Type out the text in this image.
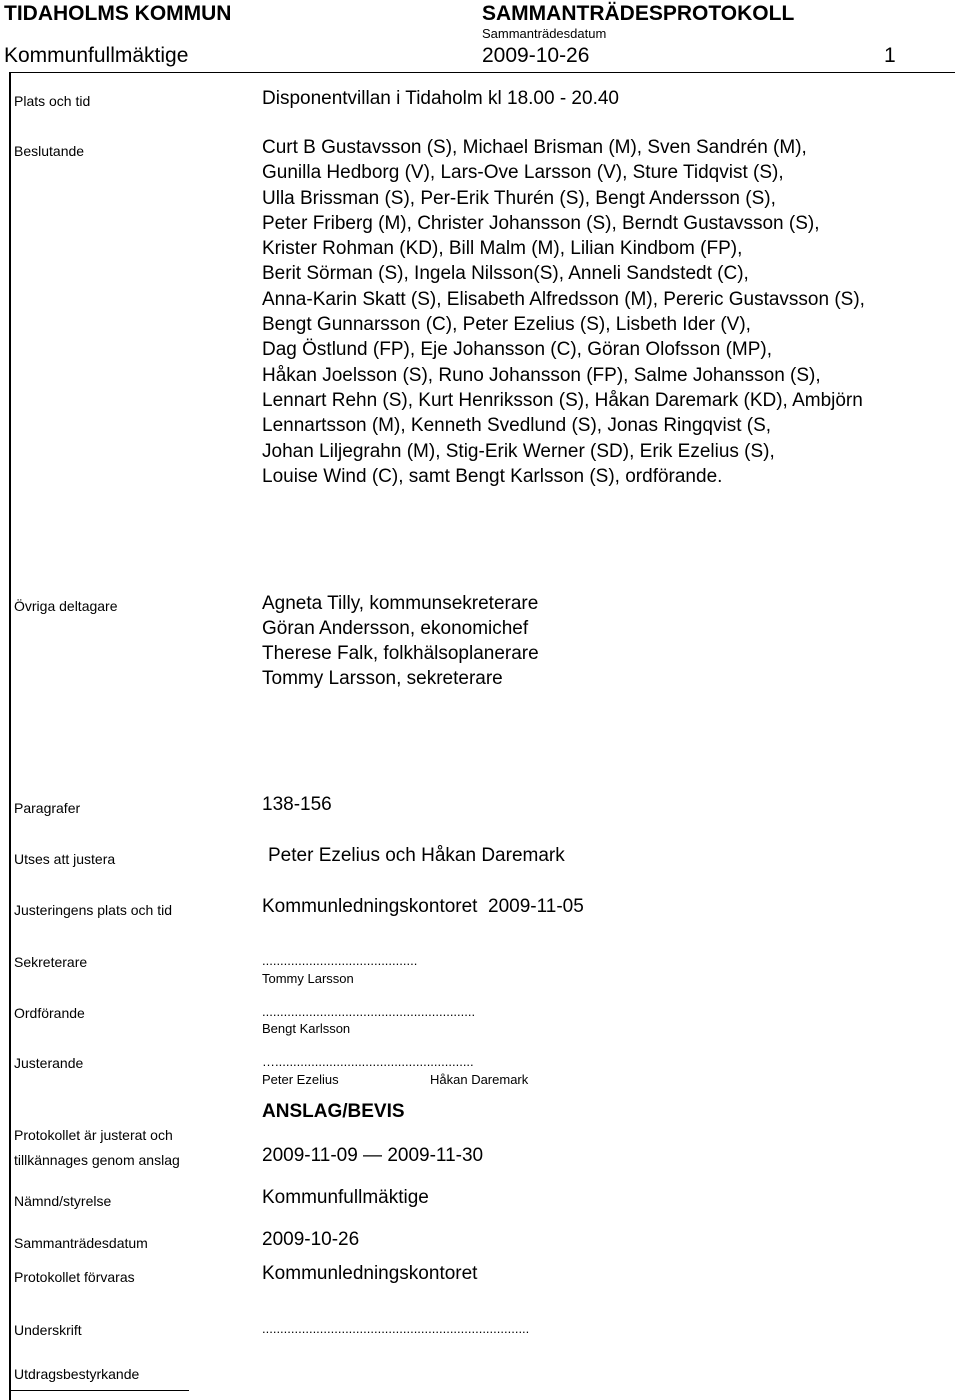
TIDAHOLMS KOMMUN	SAMMANTRÄDESPROTOKOLL
Sammanträdesdatum
Kommunfullmäktige	2009-10-26	1
Plats och tid	Disponentvillan i Tidaholm kl 18.00 - 20.40
Beslutande	Curt B Gustavsson (S), Michael Brisman (M), Sven Sandrén (M),
Gunilla Hedborg (V), Lars-Ove Larsson (V), Sture Tidqvist (S),
Ulla Brissman (S), Per-Erik Thurén (S), Bengt Andersson (S),
Peter Friberg (M), Christer Johansson (S), Berndt Gustavsson (S),
Krister Rohman (KD), Bill Malm (M), Lilian Kindbom (FP),
Berit Sörman (S), Ingela Nilsson(S), Anneli Sandstedt (C),
Anna-Karin Skatt (S), Elisabeth Alfredsson (M), Pereric Gustavsson (S),
Bengt Gunnarsson (C), Peter Ezelius (S), Lisbeth Ider (V),
Dag Östlund (FP), Eje Johansson (C), Göran Olofsson (MP),
Håkan Joelsson (S), Runo Johansson (FP), Salme Johansson (S),
Lennart Rehn (S), Kurt Henriksson (S), Håkan Daremark (KD), Ambjörn
Lennartsson (M), Kenneth Svedlund (S), Jonas Ringqvist (S,
Johan Liljegrahn (M), Stig-Erik Werner (SD), Erik Ezelius (S),
Louise Wind (C), samt Bengt Karlsson (S), ordförande.
Övriga deltagare	Agneta Tilly, kommunsekreterare
Göran Andersson, ekonomichef
Therese Falk, folkhälsoplanerare
Tommy Larsson, sekreterare
Paragrafer	138-156
Utses att justera	Peter Ezelius och Håkan Daremark
Justeringens plats och tid	Kommunledningskontoret  2009-11-05
Sekreterare	...........................................
Tommy Larsson
Ordförande	...........................................................
Bengt Karlsson
Justerande	….......................................................
Peter Ezelius	Håkan Daremark
ANSLAG/BEVIS
Protokollet är justerat och
tillkännages genom anslag	2009-11-09 ― 2009-11-30
Nämnd/styrelse	Kommunfullmäktige
Sammanträdesdatum	2009-10-26
Protokollet förvaras	Kommunledningskontoret
Underskrift	..........................................................................
Utdragsbestyrkande
